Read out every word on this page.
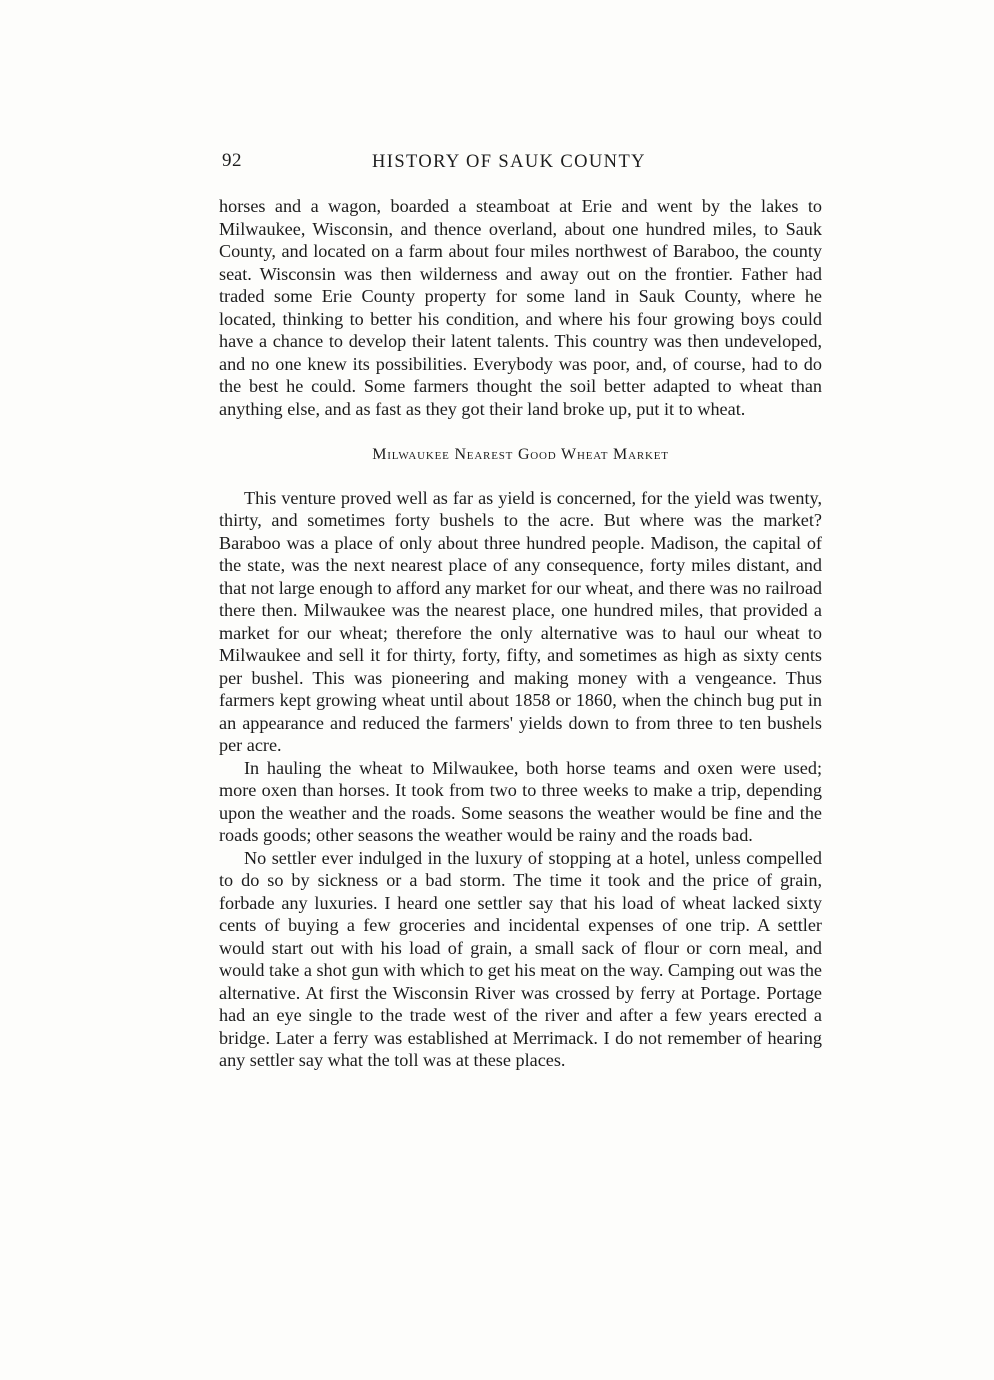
92	HISTORY OF SAUK COUNTY

horses and a wagon, boarded a steamboat at Erie and went by the lakes to Milwaukee, Wisconsin, and thence overland, about one hundred miles, to Sauk County, and located on a farm about four miles northwest of Baraboo, the county seat. Wisconsin was then wilderness and away out on the frontier. Father had traded some Erie County property for some land in Sauk County, where he located, thinking to better his condition, and where his four growing boys could have a chance to develop their latent talents. This country was then undeveloped, and no one knew its possibilities. Everybody was poor, and, of course, had to do the best he could. Some farmers thought the soil better adapted to wheat than anything else, and as fast as they got their land broke up, put it to wheat.

Milwaukee Nearest Good Wheat Market

This venture proved well as far as yield is concerned, for the yield was twenty, thirty, and sometimes forty bushels to the acre. But where was the market? Baraboo was a place of only about three hundred people. Madison, the capital of the state, was the next nearest place of any consequence, forty miles distant, and that not large enough to afford any market for our wheat, and there was no railroad there then. Milwaukee was the nearest place, one hundred miles, that provided a market for our wheat; therefore the only alternative was to haul our wheat to Milwaukee and sell it for thirty, forty, fifty, and sometimes as high as sixty cents per bushel. This was pioneering and making money with a vengeance. Thus farmers kept growing wheat until about 1858 or 1860, when the chinch bug put in an appearance and reduced the farmers' yields down to from three to ten bushels per acre.

In hauling the wheat to Milwaukee, both horse teams and oxen were used; more oxen than horses. It took from two to three weeks to make a trip, depending upon the weather and the roads. Some seasons the weather would be fine and the roads goods; other seasons the weather would be rainy and the roads bad.

No settler ever indulged in the luxury of stopping at a hotel, unless compelled to do so by sickness or a bad storm. The time it took and the price of grain, forbade any luxuries. I heard one settler say that his load of wheat lacked sixty cents of buying a few groceries and incidental expenses of one trip. A settler would start out with his load of grain, a small sack of flour or corn meal, and would take a shot gun with which to get his meat on the way. Camping out was the alternative. At first the Wisconsin River was crossed by ferry at Portage. Portage had an eye single to the trade west of the river and after a few years erected a bridge. Later a ferry was established at Merrimack. I do not remember of hearing any settler say what the toll was at these places.
